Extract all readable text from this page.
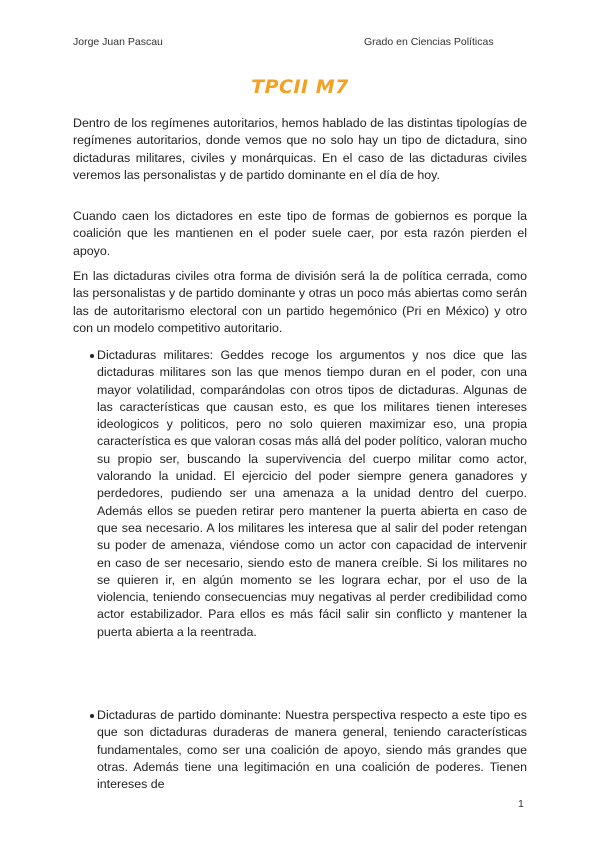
Jorge Juan Pascau	Grado en Ciencias Políticas
TPCII M7

Dentro de los regímenes autoritarios, hemos hablado de las distintas tipologías de regímenes autoritarios, donde vemos que no solo hay un tipo de dictadura, sino dictaduras militares, civiles y monárquicas. En el caso de las dictaduras civiles veremos las personalistas y de partido dominante en el día de hoy.

Cuando caen los dictadores en este tipo de formas de gobiernos es porque la coalición que les mantienen en el poder suele caer, por esta razón pierden el apoyo.

En las dictaduras civiles otra forma de división será la de política cerrada, como las personalistas y de partido dominante y otras un poco más abiertas como serán las de autoritarismo electoral con un partido hegemónico (Pri en México) y otro con un modelo competitivo autoritario.

Dictaduras militares: Geddes recoge los argumentos y nos dice que las dictaduras militares son las que menos tiempo duran en el poder, con una mayor volatilidad, comparándolas con otros tipos de dictaduras. Algunas de las características que causan esto, es que los militares tienen intereses ideologicos y politicos, pero no solo quieren maximizar eso, una propia característica es que valoran cosas más allá del poder político, valoran mucho su propio ser, buscando la supervivencia del cuerpo militar como actor, valorando la unidad. El ejercicio del poder siempre genera ganadores y perdedores, pudiendo ser una amenaza a la unidad dentro del cuerpo. Además ellos se pueden retirar pero mantener la puerta abierta en caso de que sea necesario. A los militares les interesa que al salir del poder retengan su poder de amenaza, viéndose como un actor con capacidad de intervenir en caso de ser necesario, siendo esto de manera creíble. Si los militares no se quieren ir, en algún momento se les lograra echar, por el uso de la violencia, teniendo consecuencias muy negativas al perder credibilidad como actor estabilizador. Para ellos es más fácil salir sin conflicto y mantener la puerta abierta a la reentrada.
Dictaduras de partido dominante: Nuestra perspectiva respecto a este tipo es que son dictaduras duraderas de manera general, teniendo características fundamentales, como ser una coalición de apoyo, siendo más grandes que otras. Además tiene una legitimación en una coalición de poderes. Tienen intereses de
1
